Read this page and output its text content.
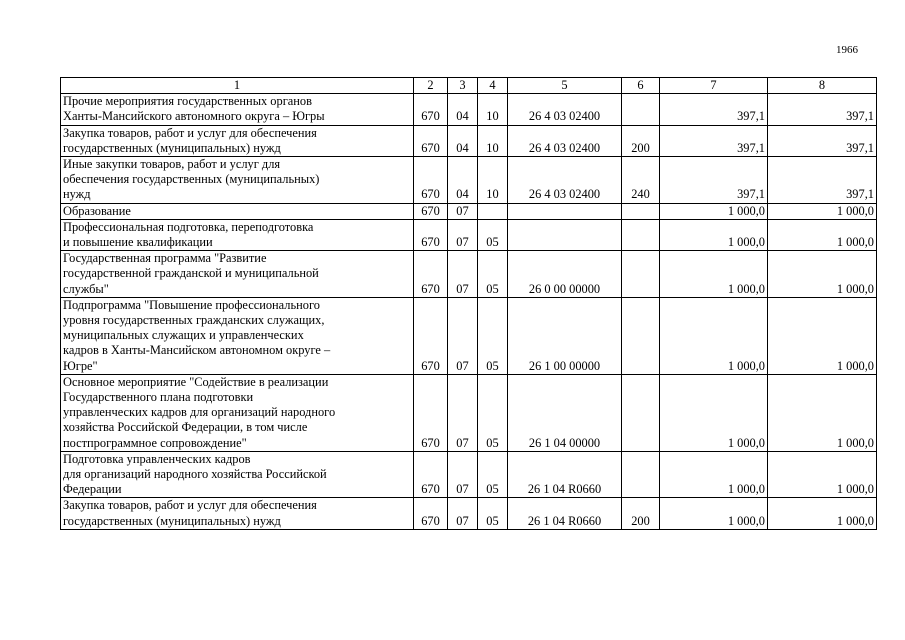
1966
1	2	3	4	5	6	7	8
Прочие мероприятия государственных органов
Ханты-Мансийского автономного округа – Югры	670	04	10	26 4 03 02400		397,1	397,1
Закупка товаров, работ и услуг для обеспечения
государственных (муниципальных) нужд	670	04	10	26 4 03 02400	200	397,1	397,1
Иные закупки товаров, работ и услуг для
обеспечения государственных (муниципальных)
нужд	670	04	10	26 4 03 02400	240	397,1	397,1
Образование	670	07				1 000,0	1 000,0
Профессиональная подготовка, переподготовка
и повышение квалификации	670	07	05			1 000,0	1 000,0
Государственная программа "Развитие
государственной гражданской и муниципальной
службы"	670	07	05	26 0 00 00000		1 000,0	1 000,0
Подпрограмма "Повышение профессионального
уровня государственных гражданских служащих,
муниципальных служащих и управленческих
кадров в Ханты-Мансийском автономном округе –
Югре"	670	07	05	26 1 00 00000		1 000,0	1 000,0
Основное мероприятие "Содействие в реализации
Государственного плана подготовки
управленческих кадров для организаций народного
хозяйства Российской Федерации, в том числе
постпрограммное сопровождение"	670	07	05	26 1 04 00000		1 000,0	1 000,0
Подготовка управленческих кадров
для организаций народного хозяйства Российской
Федерации	670	07	05	26 1 04 R0660		1 000,0	1 000,0
Закупка товаров, работ и услуг для обеспечения
государственных (муниципальных) нужд	670	07	05	26 1 04 R0660	200	1 000,0	1 000,0
